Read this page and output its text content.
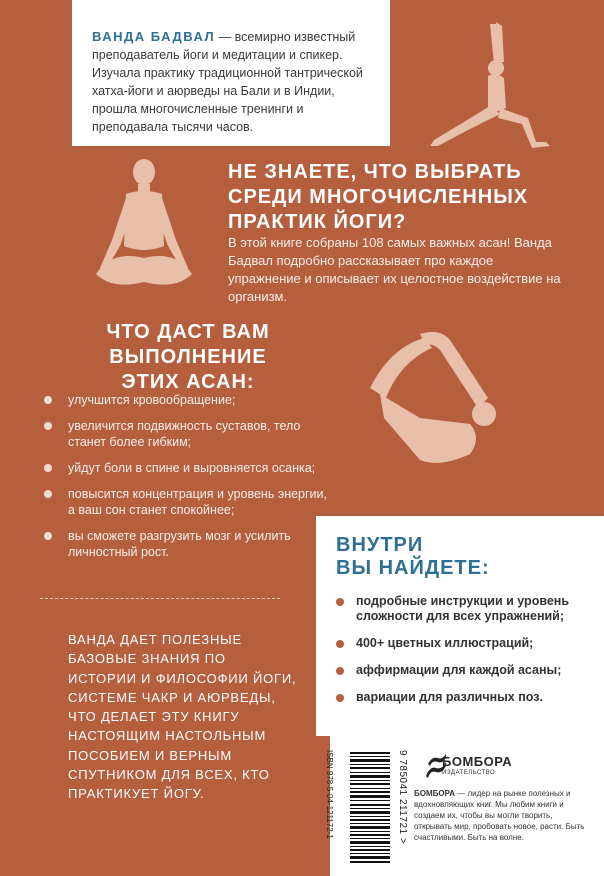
ВАНДА БАДВАЛ — всемирно известный преподаватель йоги и медитации и спикер. Изучала практику традиционной тантрической хатха-йоги и аюрведы на Бали и в Индии, прошла многочисленные тренинги и преподавала тысячи часов.

НЕ ЗНАЕТЕ, ЧТО ВЫБРАТЬ
СРЕДИ МНОГОЧИСЛЕННЫХ
ПРАКТИК ЙОГИ?

В этой книге собраны 108 самых важных асан! Ванда Бадвал подробно рассказывает про каждое упражнение и описывает их целостное воздействие на организм.

ЧТО ДАСТ ВАМ
ВЫПОЛНЕНИЕ
ЭТИХ АСАН:
улучшится кровообращение;
увеличится подвижность суставов, тело станет более гибким;
уйдут боли в спине и выровняется осанка;
повысится концентрация и уровень энергии, а ваш сон станет спокойнее;
вы сможете разгрузить мозг и усилить личностный рост.

ВАНДА ДАЕТ ПОЛЕЗНЫЕ БАЗОВЫЕ ЗНАНИЯ ПО ИСТОРИИ И ФИЛОСОФИИ ЙОГИ, СИСТЕМЕ ЧАКР И АЮРВЕДЫ, ЧТО ДЕЛАЕТ ЭТУ КНИГУ НАСТОЯЩИМ НАСТОЛЬНЫМ ПОСОБИЕМ И ВЕРНЫМ СПУТНИКОМ ДЛЯ ВСЕХ, КТО ПРАКТИКУЕТ ЙОГУ.

ВНУТРИ
ВЫ НАЙДЕТЕ:
подробные инструкции и уровень сложности для всех упражнений;
400+ цветных иллюстраций;
аффирмации для каждой асаны;
вариации для различных поз.
ISBN 978-5-04-121172-1	9 785041 211721 >	БОМБОРА
ИЗДАТЕЛЬСТВО

БОМБОРА — лидер на рынке полезных и вдохновляющих книг. Мы любим книги и создаем их, чтобы вы могли творить, открывать мир, пробовать новое, расти. Быть счастливыми. Быть на волне.
